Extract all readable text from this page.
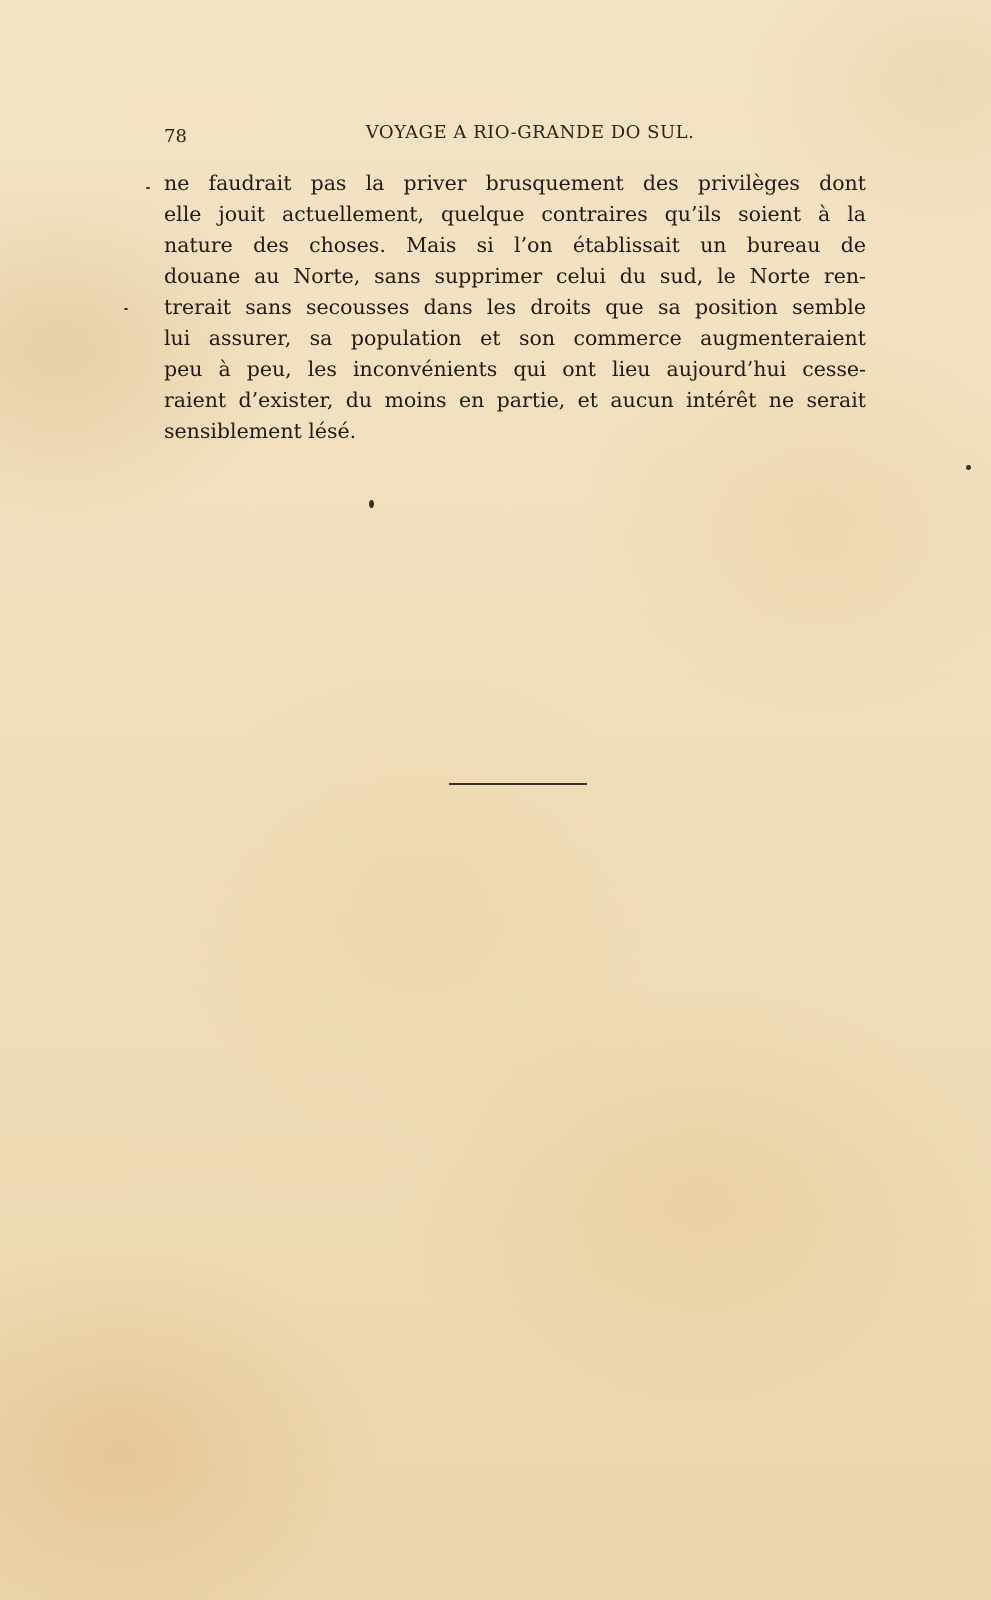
78	VOYAGE A RIO-GRANDE DO SUL.
ne faudrait pas la priver brusquement des privilèges dont
elle jouit actuellement, quelque contraires qu’ils soient à la
nature des choses. Mais si l’on établissait un bureau de
douane au Norte, sans supprimer celui du sud, le Norte ren-
trerait sans secousses dans les droits que sa position semble
lui assurer, sa population et son commerce augmenteraient
peu à peu, les inconvénients qui ont lieu aujourd’hui cesse-
raient d’exister, du moins en partie, et aucun intérêt ne serait
sensiblement lésé.
